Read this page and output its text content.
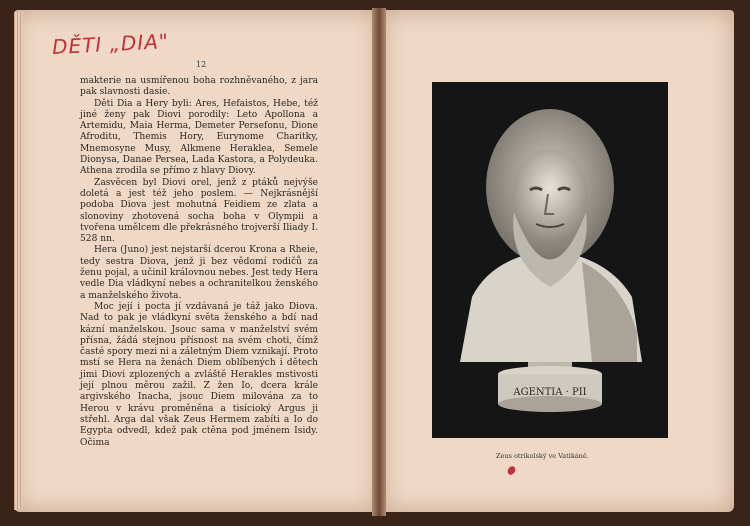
DĚTI „DIA"
12

makterie na usmířenou boha rozhněvaného, z jara pak slavnosti dasie.

Děti Dia a Hery byli: Ares, Hefaistos, Hebe, též jiné ženy pak Diovi porodily: Leto Apollona a Artemidu, Maia Herma, Demeter Persefonu, Dione Afroditu, Themis Hory, Eurynome Charitky, Mnemosyne Musy, Alkmene Heraklea, Semele Dionysa, Danae Persea, Lada Kastora, a Polydeuka. Athena zrodila se přímo z hlavy Diovy.

Zasvěcen byl Diovi orel, jenž z ptáků nejvýše doletá a jest též jeho poslem. — Nejkrásnější podoba Diova jest mohutná Feidiem ze zlata a slonoviny zhotovená socha boha v Olympii a tvořena umělcem dle překrásného trojverší Iliady I. 528 nn.

Hera (Juno) jest nejstarší dcerou Krona a Rheie, tedy sestra Diova, jenž ji bez vědomí rodičů za ženu pojal, a učinil královnou nebes. Jest tedy Hera vedle Dia vládkyní nebes a ochranitelkou ženského a manželského života.

Moc její i pocta jí vzdávaná je táž jako Diova. Nad to pak je vládkyní světa ženského a bdí nad kázní manželskou. Jsouc sama v manželství svém přísna, žádá stejnou přísnost na svém choti, čímž časté spory mezi ni a záletným Diem vznikají. Proto mstí se Hera na ženách Diem oblíbených i dětech jimi Diovi zplozených a zvláště Herakles mstivosti její plnou měrou zažil. Z žen Io, dcera krále argivského Inacha, jsouc Diem milována za to Herou v krávu proměněna a tisícioký Argus ji střehl. Arga dal však Zeus Hermem zabíti a Io do Egypta odvedl, kdež pak ctěna pod jménem Isidy. Očima

AGENTIA · PII
Zeus otrikolský ve Vatikáně.
